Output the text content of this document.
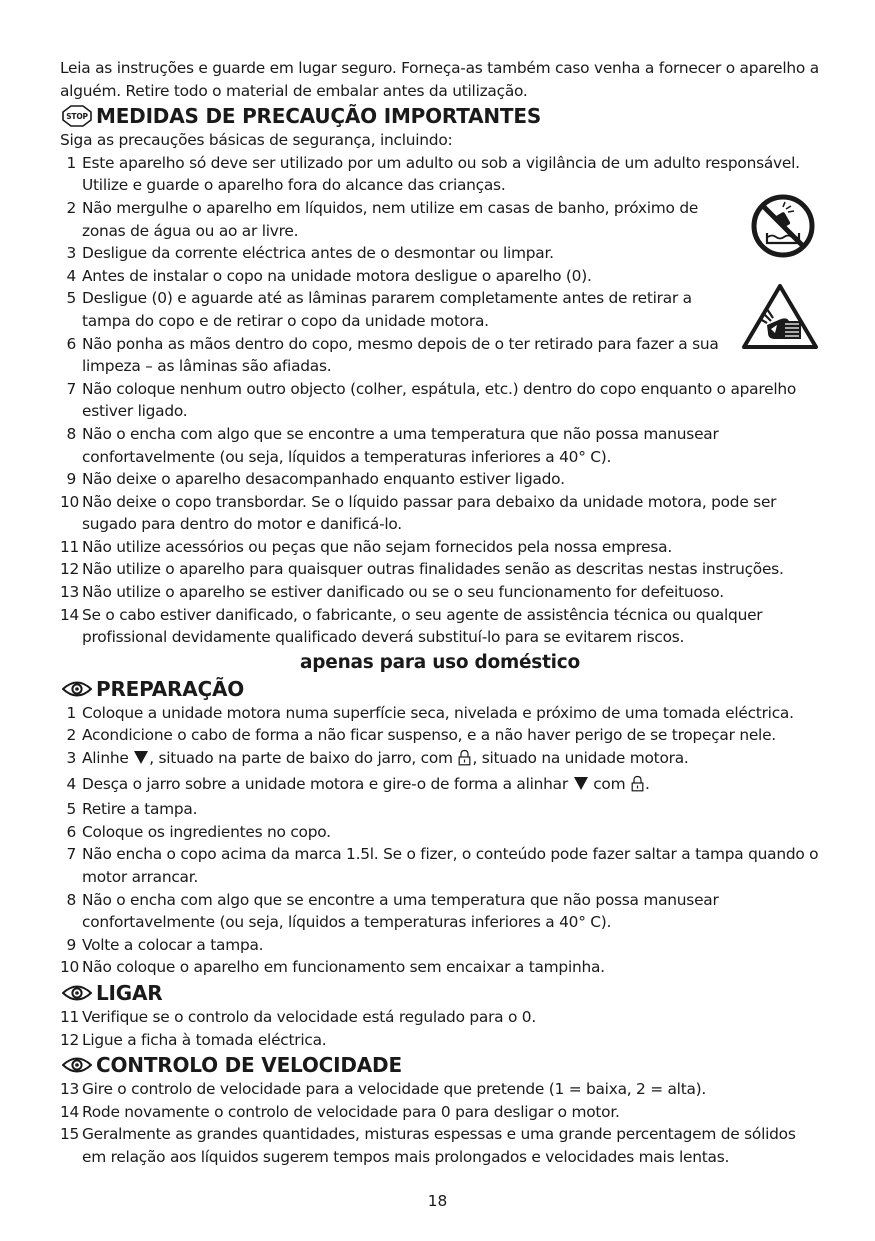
Leia as instruções e guarde em lugar seguro. Forneça-as também caso venha a fornecer o aparelho a alguém. Retire todo o material de embalar antes da utilização.

STOP MEDIDAS DE PRECAUÇÃO IMPORTANTES

Siga as precauções básicas de segurança, incluindo:

1 Este aparelho só deve ser utilizado por um adulto ou sob a vigilância de um adulto responsável. Utilize e guarde o aparelho fora do alcance das crianças.
2 Não mergulhe o aparelho em líquidos, nem utilize em casas de banho, próximo de zonas de água ou ao ar livre.
3 Desligue da corrente eléctrica antes de o desmontar ou limpar.
4 Antes de instalar o copo na unidade motora desligue o aparelho (0).
5 Desligue (0) e aguarde até as lâminas pararem completamente antes de retirar a tampa do copo e de retirar o copo da unidade motora.
6 Não ponha as mãos dentro do copo, mesmo depois de o ter retirado para fazer a sua limpeza – as lâminas são afiadas.
7 Não coloque nenhum outro objecto (colher, espátula, etc.) dentro do copo enquanto o aparelho estiver ligado.
8 Não o encha com algo que se encontre a uma temperatura que não possa manusear confortavelmente (ou seja, líquidos a temperaturas inferiores a 40° C).
9 Não deixe o aparelho desacompanhado enquanto estiver ligado.
10 Não deixe o copo transbordar. Se o líquido passar para debaixo da unidade motora, pode ser sugado para dentro do motor e danificá-lo.
11 Não utilize acessórios ou peças que não sejam fornecidos pela nossa empresa.
12 Não utilize o aparelho para quaisquer outras finalidades senão as descritas nestas instruções.
13 Não utilize o aparelho se estiver danificado ou se o seu funcionamento for defeituoso.
14 Se o cabo estiver danificado, o fabricante, o seu agente de assistência técnica ou qualquer profissional devidamente qualificado deverá substituí-lo para se evitarem riscos.

apenas para uso doméstico

PREPARAÇÃO
1 Coloque a unidade motora numa superfície seca, nivelada e próximo de uma tomada eléctrica.
2 Acondicione o cabo de forma a não ficar suspenso, e a não haver perigo de se tropeçar nele.
3 Alinhe , situado na parte de baixo do jarro, com , situado na unidade motora.
4 Desça o jarro sobre a unidade motora e gire-o de forma a alinhar  com .
5 Retire a tampa.
6 Coloque os ingredientes no copo.
7 Não encha o copo acima da marca 1.5l. Se o fizer, o conteúdo pode fazer saltar a tampa quando o motor arrancar.
8 Não o encha com algo que se encontre a uma temperatura que não possa manusear confortavelmente (ou seja, líquidos a temperaturas inferiores a 40° C).
9 Volte a colocar a tampa.
10 Não coloque o aparelho em funcionamento sem encaixar a tampinha.
LIGAR
11 Verifique se o controlo da velocidade está regulado para o 0.
12 Ligue a ficha à tomada eléctrica.
CONTROLO DE VELOCIDADE
13 Gire o controlo de velocidade para a velocidade que pretende (1 = baixa, 2 = alta).
14 Rode novamente o controlo de velocidade para 0 para desligar o motor.
15 Geralmente as grandes quantidades, misturas espessas e uma grande percentagem de sólidos em relação aos líquidos sugerem tempos mais prolongados e velocidades mais lentas.
18
